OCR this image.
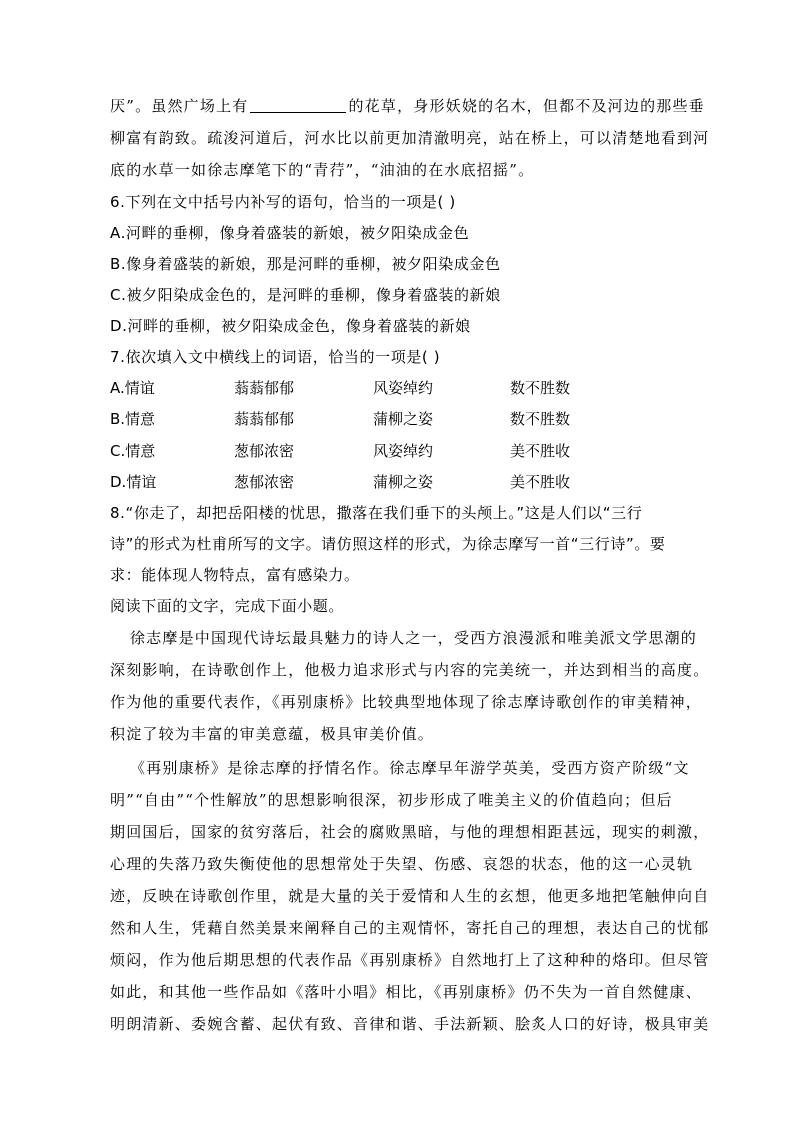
厌”。虽然广场上有	的花草，身形妖娆的名木，但都不及河边的那些垂

柳富有韵致。疏浚河道后，河水比以前更加清澈明亮，站在桥上，可以清楚地看到河

底的水草一如徐志摩笔下的“青荇”，“油油的在水底招摇”。

6.下列在文中括号内补写的语句，恰当的一项是( )

A.河畔的垂柳，像身着盛装的新娘，被夕阳染成金色

B.像身着盛装的新娘，那是河畔的垂柳，被夕阳染成金色

C.被夕阳染成金色的，是河畔的垂柳，像身着盛装的新娘

D.河畔的垂柳，被夕阳染成金色，像身着盛装的新娘

7.依次填入文中横线上的词语，恰当的一项是( )

A.情谊	蓊蓊郁郁	风姿绰约	数不胜数
B.情意	蓊蓊郁郁	蒲柳之姿	数不胜数
C.情意	葱郁浓密	风姿绰约	美不胜收
D.情谊	葱郁浓密	蒲柳之姿	美不胜收

8.“你走了，却把岳阳楼的忧思，撒落在我们垂下的头颅上。”这是人们以“三行

诗”的形式为杜甫所写的文字。请仿照这样的形式，为徐志摩写一首“三行诗”。要

求：能体现人物特点，富有感染力。

阅读下面的文字，完成下面小题。

徐志摩是中国现代诗坛最具魅力的诗人之一，受西方浪漫派和唯美派文学思潮的

深刻影响，在诗歌创作上，他极力追求形式与内容的完美统一，并达到相当的高度。

作为他的重要代表作，《再别康桥》比较典型地体现了徐志摩诗歌创作的审美精神，

积淀了较为丰富的审美意蕴，极具审美价值。

《再别康桥》是徐志摩的抒情名作。徐志摩早年游学英美，受西方资产阶级“文

明”“自由”“个性解放”的思想影响很深，初步形成了唯美主义的价值趋向；但后

期回国后，国家的贫穷落后，社会的腐败黑暗，与他的理想相距甚远，现实的刺激，

心理的失落乃致失衡使他的思想常处于失望、伤感、哀怨的状态，他的这一心灵轨

迹，反映在诗歌创作里，就是大量的关于爱情和人生的玄想，他更多地把笔触伸向自

然和人生，凭藉自然美景来阐释自己的主观情怀，寄托自己的理想，表达自己的忧郁

烦闷，作为他后期思想的代表作品《再别康桥》自然地打上了这种种的烙印。但尽管

如此，和其他一些作品如《落叶小唱》相比，《再别康桥》仍不失为一首自然健康、

明朗清新、委婉含蓄、起伏有致、音律和谐、手法新颖、脍炙人口的好诗，极具审美
